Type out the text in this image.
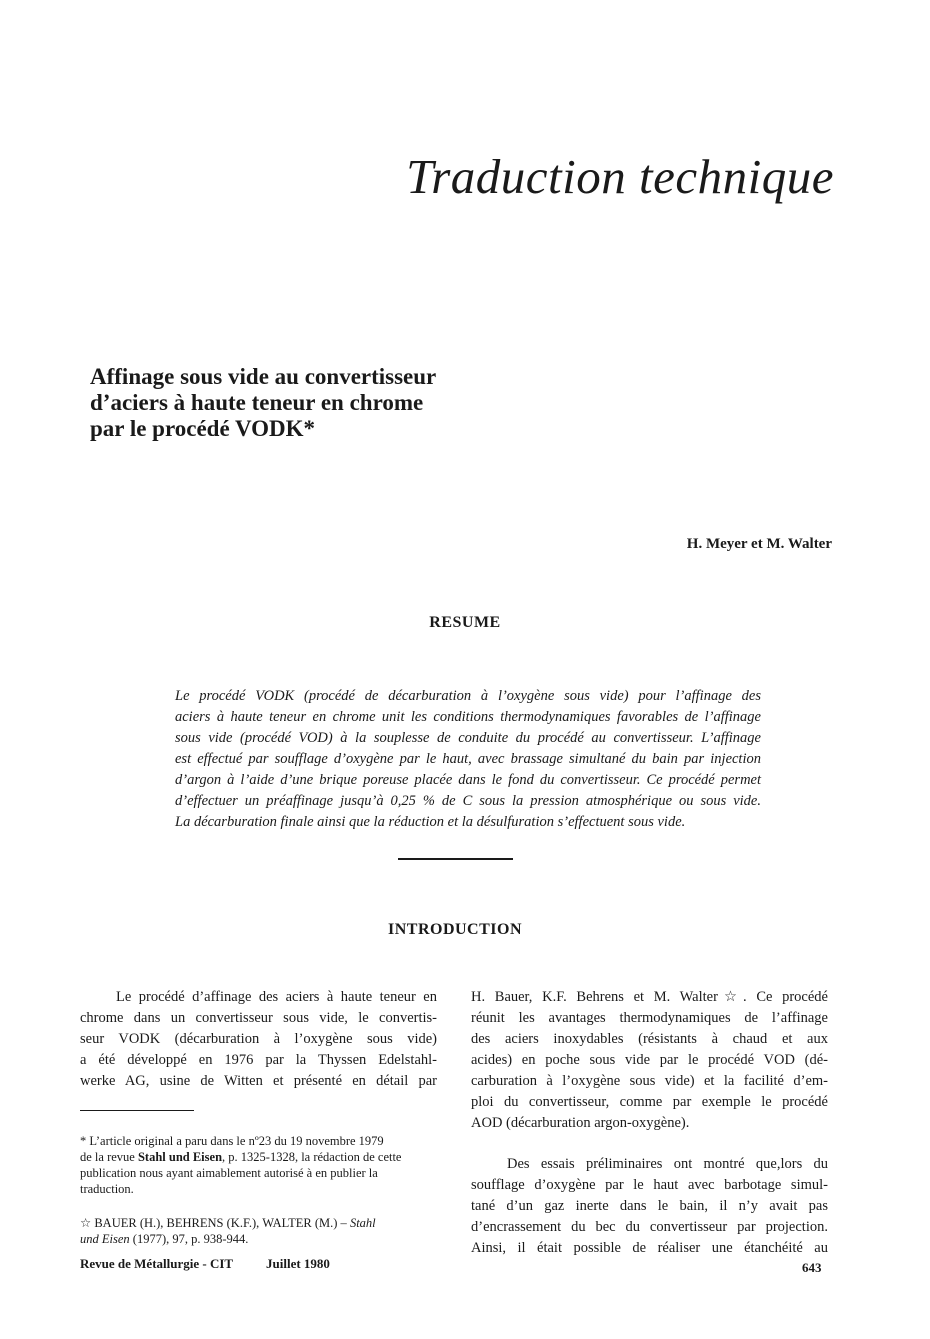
Traduction technique
Affinage sous vide au convertisseur
d’aciers à haute teneur en chrome
par le procédé VODK*
H. Meyer et M. Walter
RESUME
Le procédé VODK (procédé de décarburation à l’oxygène sous vide) pour l’affinage des
aciers à haute teneur en chrome unit les conditions thermodynamiques favorables de l’affinage
sous vide (procédé VOD) à la souplesse de conduite du procédé au convertisseur. L’affinage
est effectué par soufflage d’oxygène par le haut, avec brassage simultané du bain par injection
d’argon à l’aide d’une brique poreuse placée dans le fond du convertisseur. Ce procédé permet
d’effectuer un préaffinage jusqu’à 0,25 % de C sous la pression atmosphérique ou sous vide.
La décarburation finale ainsi que la réduction et la désulfuration s’effectuent sous vide.
INTRODUCTION
Le procédé d’affinage des aciers à haute teneur en
chrome dans un convertisseur sous vide, le convertis-
seur VODK (décarburation à l’oxygène sous vide)
a été développé en 1976 par la Thyssen Edelstahl-
werke AG, usine de Witten et présenté en détail par
H. Bauer, K.F. Behrens et M. Walter☆. Ce procédé
réunit les avantages thermodynamiques de l’affinage
des aciers inoxydables (résistants à chaud et aux
acides) en poche sous vide par le procédé VOD (dé-
carburation à l’oxygène sous vide) et la facilité d’em-
ploi du convertisseur, comme par exemple le procédé
AOD (décarburation argon-oxygène).
Des essais préliminaires ont montré que,lors du
soufflage d’oxygène par le haut avec barbotage simul-
tané d’un gaz inerte dans le bain, il n’y avait pas
d’encrassement du bec du convertisseur par projection.
Ainsi, il était possible de réaliser une étanchéité au
* L’article original a paru dans le nº23 du 19 novembre 1979
de la revue Stahl und Eisen, p. 1325-1328, la rédaction de cette
publication nous ayant aimablement autorisé à en publier la
traduction.
☆ BAUER (H.), BEHRENS (K.F.), WALTER (M.) – Stahl
und Eisen (1977), 97, p. 938-944.
Revue de Métallurgie - CIT	Juillet 1980	643
